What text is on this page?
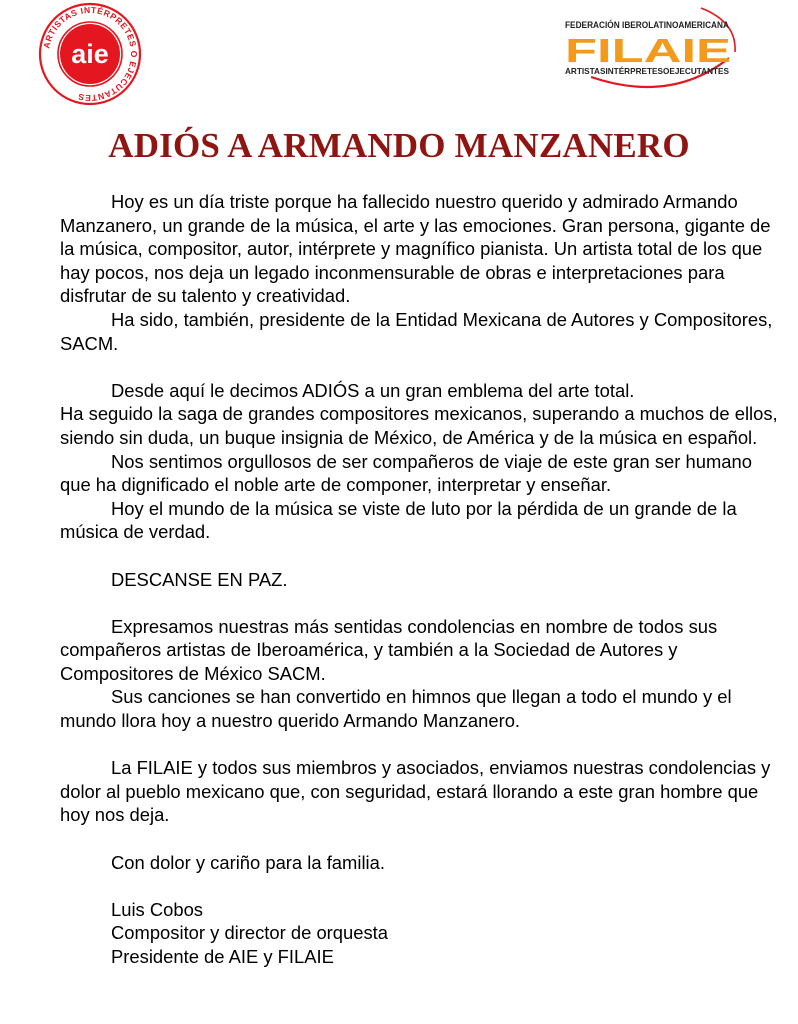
ARTISTAS INTÉRPRETES O EJECUTANTES
aie
FEDERACIÓN IBEROLATINOAMERICANA
FILAIE
ARTISTASINTÉRPRETESOEJECUTANTES
ADIÓS A ARMANDO MANZANERO

Hoy es un día triste porque ha fallecido nuestro querido y admirado Armando Manzanero, un grande de la música, el arte y las emociones. Gran persona, gigante de la música, compositor, autor, intérprete y magnífico pianista. Un artista total de los que hay pocos, nos deja un legado inconmensurable de obras e interpretaciones para disfrutar de su talento y creatividad.

Ha sido, también, presidente de la Entidad Mexicana de Autores y Compositores, SACM.

Desde aquí le decimos ADIÓS a un gran emblema del arte total.

Ha seguido la saga de grandes compositores mexicanos, superando a muchos de ellos, siendo sin duda, un buque insignia de México, de América y de la música en español.

Nos sentimos orgullosos de ser compañeros de viaje de este gran ser humano que ha dignificado el noble arte de componer, interpretar y enseñar.

Hoy el mundo de la música se viste de luto por la pérdida de un grande de la música de verdad.

DESCANSE EN PAZ.

Expresamos nuestras más sentidas condolencias en nombre de todos sus compañeros artistas de Iberoamérica, y también a la Sociedad de Autores y Compositores de México SACM.

Sus canciones se han convertido en himnos que llegan a todo el mundo y el mundo llora hoy a nuestro querido Armando Manzanero.

La FILAIE y todos sus miembros y asociados, enviamos nuestras condolencias y dolor al pueblo mexicano que, con seguridad, estará llorando a este gran hombre que hoy nos deja.

Con dolor y cariño para la familia.

Luis Cobos

Compositor y director de orquesta

Presidente de AIE y FILAIE
